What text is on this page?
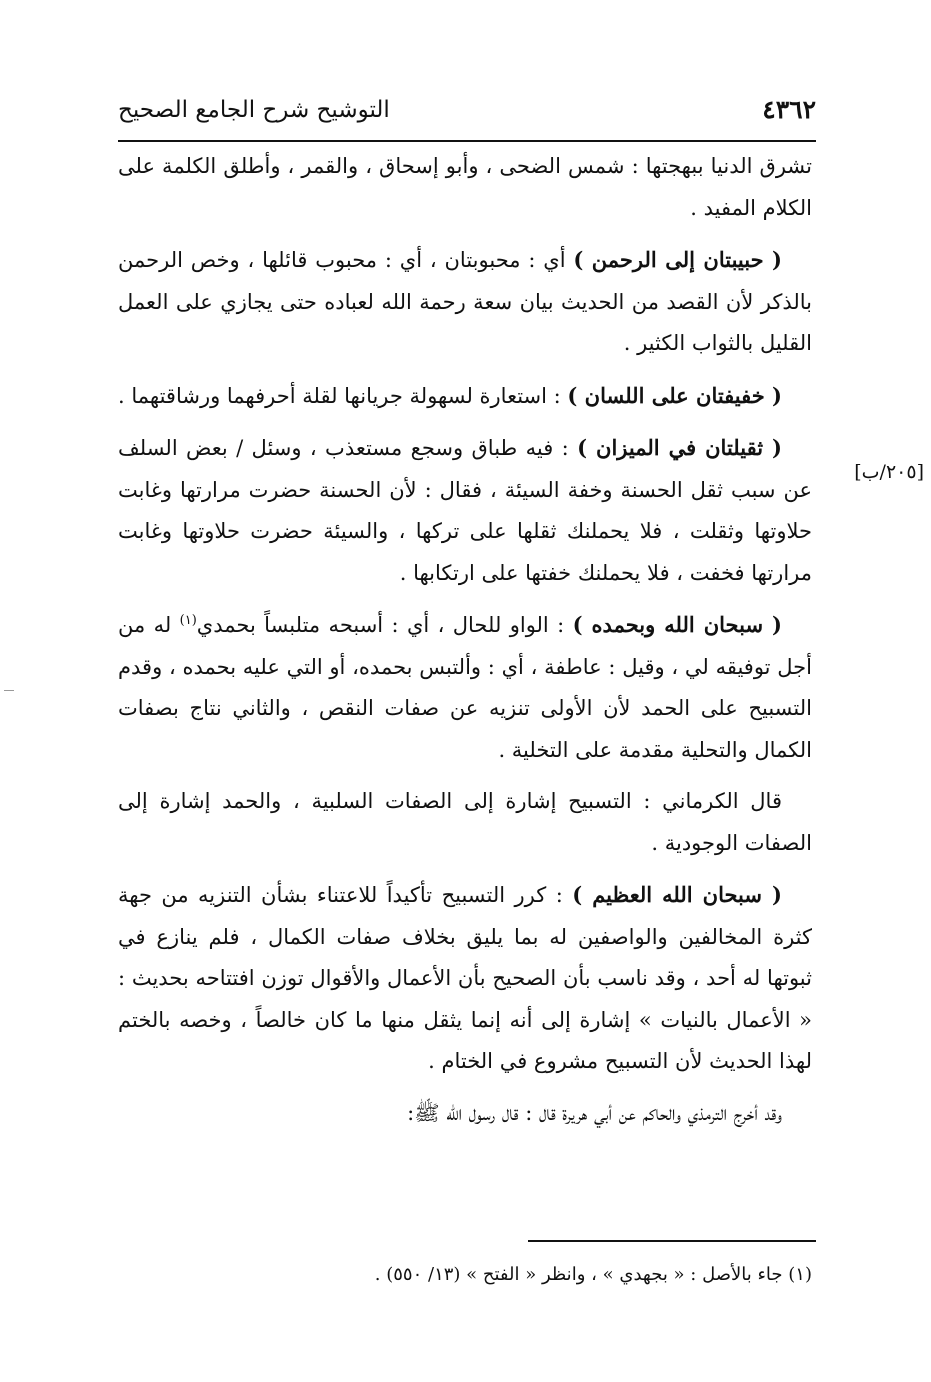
٤٣٦٢
التوشيح شرح الجامع الصحيح
[٢٠٥/ب]

تشرق الدنيا ببهجتها : شمس الضحى ، وأبو إسحاق ، والقمر ، وأطلق الكلمة على الكلام المفيد .

( حبيبتان إلى الرحمن ) أي : محبوبتان ، أي : محبوب قائلها ، وخص الرحمن بالذكر لأن القصد من الحديث بيان سعة رحمة الله لعباده حتى يجازي على العمل القليل بالثواب الكثير .

( خفيفتان على اللسان ) : استعارة لسهولة جريانها لقلة أحرفهما ورشاقتهما .

( ثقيلتان في الميزان ) : فيه طباق وسجع مستعذب ، وسئل / بعض السلف عن سبب ثقل الحسنة وخفة السيئة ، فقال : لأن الحسنة حضرت مرارتها وغابت حلاوتها وثقلت ، فلا يحملنك ثقلها على تركها ، والسيئة حضرت حلاوتها وغابت مرارتها فخفت ، فلا يحملنك خفتها على ارتكابها .

( سبحان الله وبحمده ) : الواو للحال ، أي : أسبحه متلبساً بحمدي$^{(١)}$ له من أجل توفيقه لي ، وقيل : عاطفة ، أي : وألتبس بحمده، أو التي عليه بحمده ، وقدم التسبيح على الحمد لأن الأولى تنزيه عن صفات النقص ، والثاني نتاج بصفات الكمال والتحلية مقدمة على التخلية .

قال الكرماني : التسبيح إشارة إلى الصفات السلبية ، والحمد إشارة إلى الصفات الوجودية .

( سبحان الله العظيم ) : كرر التسبيح تأكيداً للاعتناء بشأن التنزيه من جهة كثرة المخالفين والواصفين له بما يليق بخلاف صفات الكمال ، فلم ينازع في ثبوتها له أحد ، وقد ناسب بأن الصحيح بأن الأعمال والأقوال توزن افتتاحه بحديث : « الأعمال بالنيات » إشارة إلى أنه إنما يثقل منها ما كان خالصاً ، وخصه بالختم لهذا الحديث لأن التسبيح مشروع في الختام .

وقد أخرج الترمذي والحاكم عن أبي هريرة قال : قال رسول الله ﷺ:

(١) جاء بالأصل : « بجهدي » ، وانظر « الفتح » (١٣/ ٥٥٠) .
